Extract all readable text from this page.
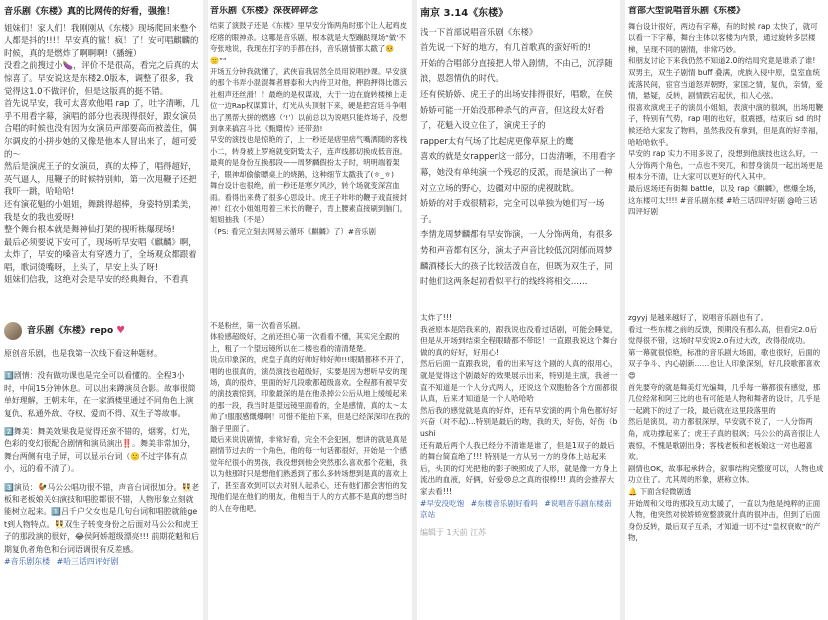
音乐剧《东楼》真的比网传的好看，强推！

姐妹们！家人们！我刚刚从《东楼》现场爬回来整个人都是抖的!!!！早安真的鲨！疯！了！安可唱麒麟的时候，真的是燃炸了啊啊啊!（播缠）

没看之前搜过小🍆，评价不是很高，看完之后真的太惊喜了。早安说这是东楼2.0版本，调整了很多，我觉得这1.0不做评价，但是这版真的挺不错。

首先说早安，我可太喜欢他唱 rap 了，吐字清晰，几乎不用看字幕，演唱的部分也表现得很好，跟女演员合唱的时候也没有因为女演员声部要高而被盖住，偶尔调皮的小拼步她的又像是他本人冒出来了，超可爱的～

然后是演虎王子的女演员，真的太棒了，唱得超好，英气逼人，甩鞭子的时候特别帅，第一次甩鞭子还把我吓一跳，哈哈哈!

还有演花魁的小姐姐，舞跳得超棒，身姿特别柔美，我是女的我也爱呀!

整个舞台根本就是舞神仙打架的视听栋爆现场!

最后必须要说下安可了，现场听早安唱《麒麟》啊，太炸了，早安的嗓音太有穿透力了，全场观众都跟着唱，歌词烫嘴呀，上头了，早安上头了呀!

姐妹们信我，这绝对会是早安的经典舞台，不看真

音乐剧《东楼》repo ♥

原创音乐剧，也是我第一次线下看这种题材。

1️⃣剧情：没有做功课也是完全可以看懂的。全程3小时，中间15分钟休息。可以出来蹲演员合影。故事很简单好理解，王朝末年，在一家酒楼里通过不同角色上演复仇、私通外敌、夺权、爱而不得、双生子等故事。

2️⃣舞美：舞美效果我是觉得还蛮不错的，烟雾，灯光，色彩的变幻很配合剧情和演员演出‼️。舞美非常加分，舞台两侧有电子屏，可以显示台词（🙂不过字体有点小，远的看不清了）。

3️⃣演员：🐓马公公唱功很不错，声音台词很加分。👯老板和老板娘关妇演技和唱腔都很不错，人物形象立刻就能树立起来。1️⃣吕千户父女也是几句台词和唱腔就能get到人物特点。👯双生子转变身份之后面对马公公和虎王子的那段演的很好，😂侯阿娇超级漂亮!!! 前期花魁和后期复仇者角色和台词语调很有反差感。

#音乐剧东楼 #哈三话四评好剧
音乐剧《东楼》深夜碎碎念

结束了演鼓子还是《东楼》里早安分饰两角时那个让人起鸡皮疙瘩的眼神杀。这哪是音乐剧，根本就是大型蹦跶现场“做‘不夸张地说，我现在打字的手都在抖，音乐剧情都太戳了🥺🙂”“

开场五分钟我就懂了，武侠盲我居然全员用说唱抄课。早安演的那个书弄小混混舞者唇泰和大内侍卫对他，押韵押得比德云社相声还丝滑！！最绝的是权谋戏，大于一边在旋转楼梯上走位一边Rap权谋算计，灯光从头顶射下来，硬是把宫廷斗争唱出了黑帮大拼的燃感（‘!’）以前总以为说唱只能炸场子，没想到拿来搞宫斗比《甄嬛传》还带劲!

早安的演技也是惊艳的了，上一秒还是痞里痞气嘴洒随的客栈小二，转身被上罗袍就变阴鸷太子，连声线都切换成低音泡。最爽的是身份互换那段——周梦麟假扮太子时，明明端着架子，眼神却偷偷瞟桌上的烧鹅，这种细节太戳我了(ㅎ_ㅎ)

舞台设计也很绝，前一秒还是寒夕风沙，转个场就变深宫血雨。看得出来费了很多心思设计。虎王子咔咔的鞭子戏直接封神！红衣小姐姐甩着三米长的鞭子，肯上腰素直接刷到脑门，姐姐抽我（不是）

（PS: 看完立刻去网易云循环《麒麟》了）#音乐剧

不是粉丝，第一次看音乐剧。

体验感超级好，之前还担心第一次看看不懂，其实完全跟的上，粗了一个望远镜所以在二楼也看的清清楚楚。

说点印象深的，虎皇子真的好帅好帅好帅!!!眼睛都移不开了，唱的也很真的，演员演技也超级好，实要是因为想听早安的现场，真的很炸，里面的好几段歌都超级喜欢。全程都有被早安的演技震惊到，印象最深的是在他杀掉公公后从地上缓缓起来的那一段，我当时是望远镜里面看的，全是感情，真的太～太帅了!服服感慨爆啊！可惜不能拍下来，但是已经深深印在我的脑子里面了。

最后来说说剧情，非常好看，完全不会犯困，想讲的就是真是剧情节过去的一个角色，他的每一句话都很好，开始是一个感觉年纪很小的男孩，我没想到他会突然那么喜欢那个花魁，我以为他那时只是想他们熟悉到了那么多转场想到是真的喜欢上了，甚至喜欢到可以去对别人起杀心，还有他们都会害怕的发现他们是在他们的朋友，他相当于人的方式都不是真的想当时的人在夸他吧。

南京 3.14《东楼》

浅一下首部说唱音乐剧《东楼》

首先说一下好的地方，有几首歌真的蛮好听的!

开始的合唱部分直接把人带入剧情，不由己，沉浮随浪，恩怨情仇的时代。

还有侯娇娇、虎王子的出场安排得很好，唱歌，在侯娇娇可能一开始没那种杀气的声音，但这段太好看了，花魁入设立住了，演虎王子的

rapper太有气场了比起虎更像草原上的鹰

喜欢的就是女rapper这一部分，口齿清晰，不用看字幕，她没有单纯演一个残忍的反派，而是演出了一种对立立场的野心，边疆对中原的虎视眈眈。

娇娇的对手戏很精彩，完全可以单独为她们写一场子。

李情龙周梦麟都有早安饰演，一人分饰两角，有很多势和声音都有区分，演太子声音比较低沉阴郁而周梦麟酒楼长大的孩子比较活泼自在，但既为双生子，同时他们这两条起初看似平行的线终将相交……

太炸了!!!

我爸原本是陪我来的，跟我说也没看过话剧，可能会睡觉，但是从开场到结束全程眼睛都不带眨！一直跟我说这个舞台做的真的好好，好用心!

然后后面一直跟我说，看的出来写这个剧的人真的很用心，就是觉得这个剧最好的效果展示出来，特别是主演，我爸一直不知道是一个人分式两人，还说这个双胞胎各个方面都很认真，后来才知道是一个人哈哈哈

然后我的感觉就是真的好炸，还有早安演的两个角色都好好兴奋（对不起)...特别是最后的吻，我的天，好伤，好伤（bushi

还有最后两个人我已经分不清谁是谁了，但是1双子的最后的舞台简直绝了!!! 特别是一方从另一方的身体上站起来后，头顶的灯光把他的影子映照成了人形，就是像一方身上流出的血液，好俩，好爱😢总之真的很棒!!! 真的会推荐大家去看!!!

#早安没吃饱 #东楼音乐剧好看吗 #说唱音乐剧东楼南京站
编辑于 1天前 江苏
首部大型说唱音乐剧《东楼》

舞台设计很好，两边有字幕，有的时候 rap 太快了，就可以看一下字幕，舞台主体以客楼为内景，通过旋转多层楼梯，呈现不同的剧情，非常巧妙。

和朋友讨论下来我仍然不知道2.0的结局究竟是谁杀了谁!

双男主，双生子剧情 buff 叠满，虎族入侵中原，皇室血统流落民间，宦官当道怒弄朝野，家国之情，复仇，亲情，爱情，悬疑，反转，剧情跌宕起伏，扣人心弦。

很喜欢演虎王子的演员小姐姐，表演中演的很飒，出场甩鞭子，特别有气势，rap 唱的也好，很震撼，结束后 sd 的时候还给大家发了物料，虽然我没有拿到，但是真的好幸福，哈哈哈软乎。

早安的 rap 实力不用多说了，没想到他演技也这么好，一人分饰两个角色，一点也不突兀，和替身演员一起出场更是根本分不清，让大家可以更好的代入其中。

最后返场还有街舞 battle，以及 rap《麒麟》，燃爆全场，这东楼可太!!!! #音乐剧东楼 #哈三话四评好剧 @哈三话四评好剧

zgyyj 是越来越好了，说唱音乐剧也有了。

看过一些东楼之前的反馈，预期没有那么高，但看完2.0后觉得很不错，这场时早安说2.0有过大改，改得很成功。

第一幕就很惊艳，标准的音乐剧大场面，歌也很好，后面的双子争斗、内心剧新……也让人印象深刻，好几段歌都喜欢😍

首先要夸的就是舞美灯光编舞，几乎每一幕都很有感觉，那几位经常和阿三比的也有可能是人物和舞者的设计，几乎是一起跳下的过了一段，最后就在这里段落里的

然后是演员，功力都很深厚，早安就不说了，一人分饰两角，成功撑起来了；虎王子真的很飒；马公公的高音很让人震惊，不愧是歌剧出身；客栈老板和老板娘这一对也超喜欢。

剧情也OK，故事起承转合，叙事结构完整度可以，人物也成功立住了。尤其周的形象，堪称立体。

🔔 下面含轻微剧透

开始周和父母的那段互动太暖了，一直以为他是纯粹的正面人物，他突然对侯娇娇宽整溃就什真的很冲击，但到了后面身份反转，最后双子互杀，才知道一切不过“皇权衰败”的产物，
